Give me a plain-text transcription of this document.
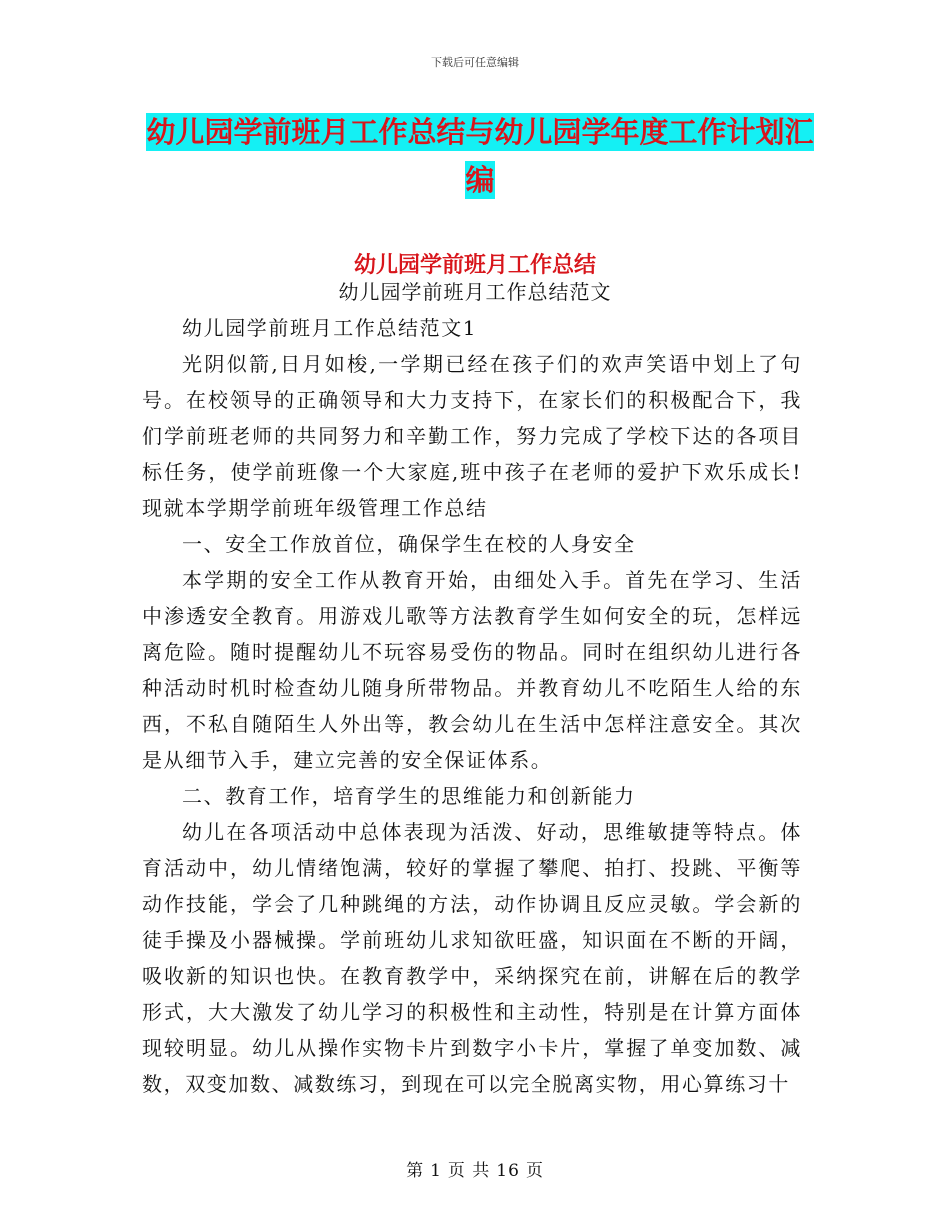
下载后可任意编辑
幼儿园学前班月工作总结与幼儿园学年度工作计划汇编
幼儿园学前班月工作总结
幼儿园学前班月工作总结范文

幼儿园学前班月工作总结范文1

光阴似箭,日月如梭,一学期已经在孩子们的欢声笑语中划上了句号。在校领导的正确领导和大力支持下，在家长们的积极配合下，我们学前班老师的共同努力和辛勤工作，努力完成了学校下达的各项目标任务，使学前班像一个大家庭,班中孩子在老师的爱护下欢乐成长!现就本学期学前班年级管理工作总结

一、安全工作放首位，确保学生在校的人身安全

本学期的安全工作从教育开始，由细处入手。首先在学习、生活中渗透安全教育。用游戏儿歌等方法教育学生如何安全的玩，怎样远离危险。随时提醒幼儿不玩容易受伤的物品。同时在组织幼儿进行各种活动时机时检查幼儿随身所带物品。并教育幼儿不吃陌生人给的东西，不私自随陌生人外出等，教会幼儿在生活中怎样注意安全。其次是从细节入手，建立完善的安全保证体系。

二、教育工作，培育学生的思维能力和创新能力

幼儿在各项活动中总体表现为活泼、好动，思维敏捷等特点。体育活动中，幼儿情绪饱满，较好的掌握了攀爬、拍打、投跳、平衡等动作技能，学会了几种跳绳的方法，动作协调且反应灵敏。学会新的徒手操及小器械操。学前班幼儿求知欲旺盛，知识面在不断的开阔，吸收新的知识也快。在教育教学中，采纳探究在前，讲解在后的教学形式，大大激发了幼儿学习的积极性和主动性，特别是在计算方面体现较明显。幼儿从操作实物卡片到数字小卡片，掌握了单变加数、减数，双变加数、减数练习，到现在可以完全脱离实物，用心算练习十

第 1 页 共 16 页
